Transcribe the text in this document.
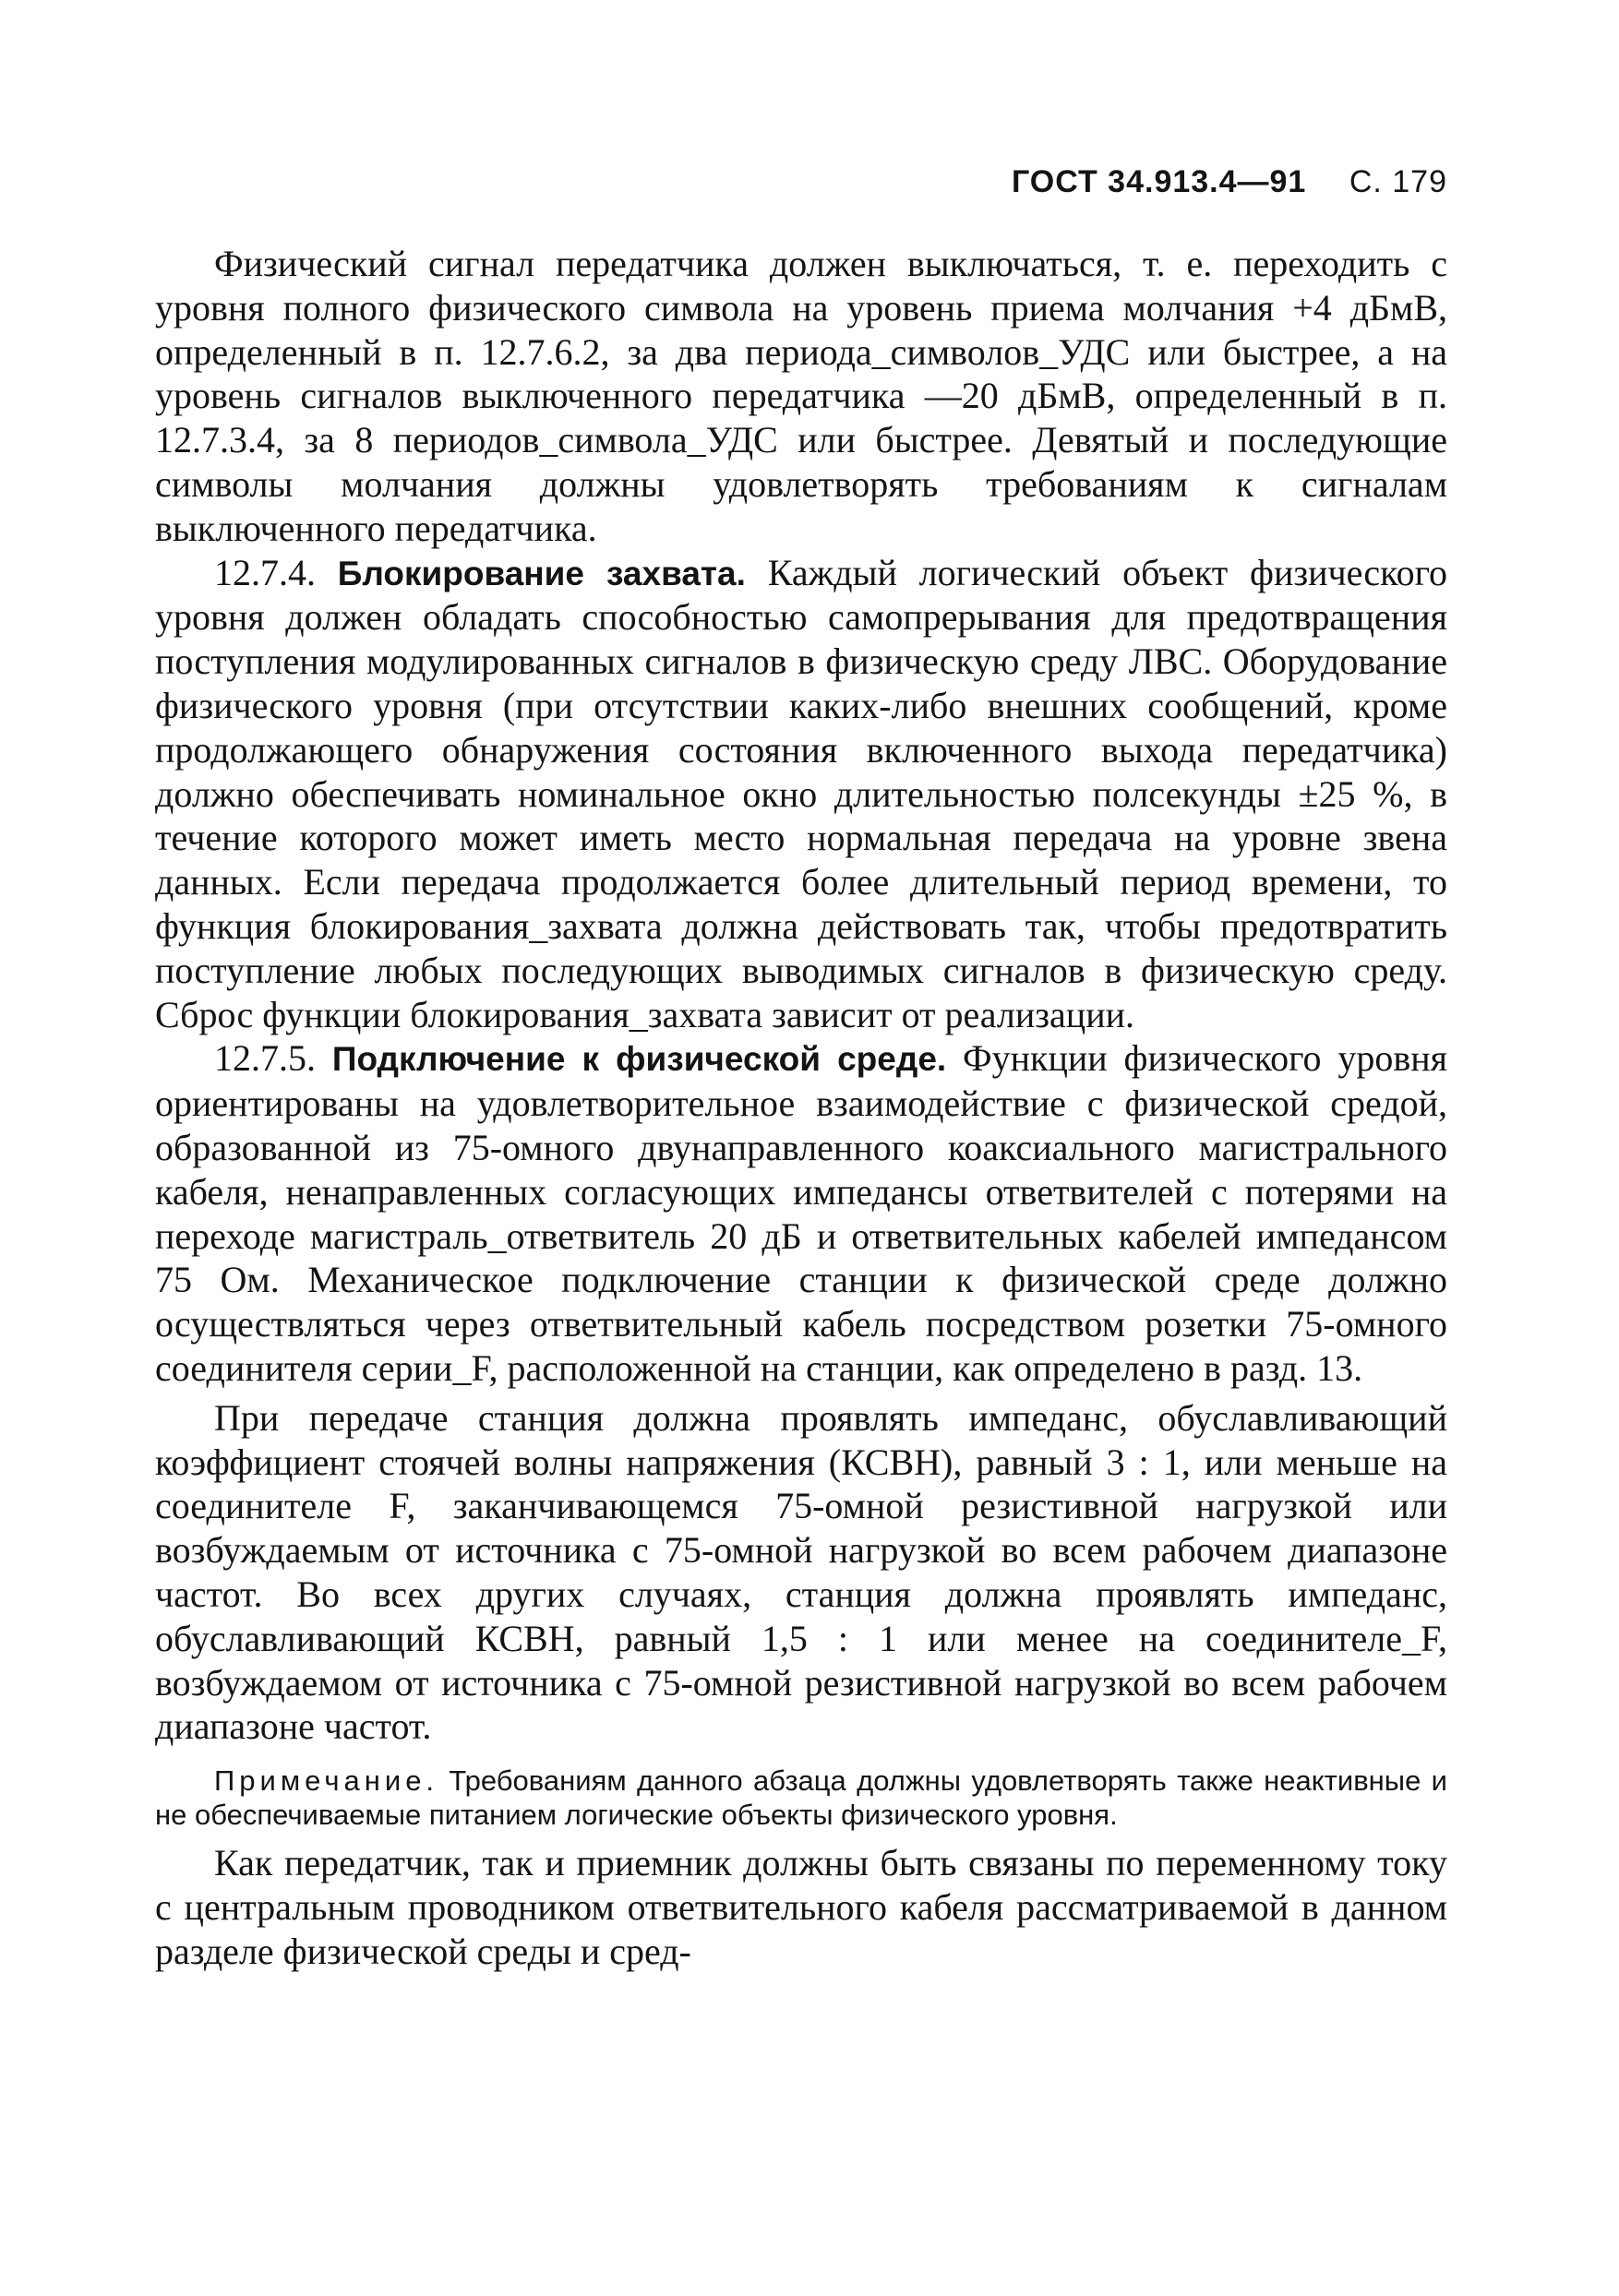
ГОСТ 34.913.4—91 С. 179

Физический сигнал передатчика должен выключаться, т. е. переходить с уровня полного физического символа на уровень приема молчания +4 дБмВ, определенный в п. 12.7.6.2, за два периода_символов_УДС или быстрее, а на уровень сигналов выключенного передатчика —20 дБмВ, определенный в п. 12.7.3.4, за 8 периодов_символа_УДС или быстрее. Девятый и последующие символы молчания должны удовлетворять требованиям к сигналам выключенного передатчика.

12.7.4. Блокирование захвата. Каждый логический объект физического уровня должен обладать способностью самопрерывания для предотвращения поступления модулированных сигналов в физическую среду ЛВС. Оборудование физического уровня (при отсутствии каких-либо внешних сообщений, кроме продолжающего обнаружения состояния включенного выхода передатчика) должно обеспечивать номинальное окно длительностью полсекунды ±25 %, в течение которого может иметь место нормальная передача на уровне звена данных. Если передача продолжается более длительный период времени, то функция блокирования_захвата должна действовать так, чтобы предотвратить поступление любых последующих выводимых сигналов в физическую среду. Сброс функции блокирования_захвата зависит от реализации.

12.7.5. Подключение к физической среде. Функции физического уровня ориентированы на удовлетворительное взаимодействие с физической средой, образованной из 75-омного двунаправленного коаксиального магистрального кабеля, ненаправленных согласующих импедансы ответвителей с потерями на переходе магистраль_ответвитель 20 дБ и ответвительных кабелей импедансом 75 Ом. Механическое подключение станции к физической среде должно осуществляться через ответвительный кабель посредством розетки 75-омного соединителя серии_F, расположенной на станции, как определено в разд. 13.

При передаче станция должна проявлять импеданс, обуславливающий коэффициент стоячей волны напряжения (КСВН), равный 3 : 1, или меньше на соединителе F, заканчивающемся 75-омной резистивной нагрузкой или возбуждаемым от источника с 75-омной нагрузкой во всем рабочем диапазоне частот. Во всех других случаях, станция должна проявлять импеданс, обуславливающий КСВН, равный 1,5 : 1 или менее на соединителе_F, возбуждаемом от источника с 75-омной резистивной нагрузкой во всем рабочем диапазоне частот.

Примечание. Требованиям данного абзаца должны удовлетворять также неактивные и не обеспечиваемые питанием логические объекты физического уровня.

Как передатчик, так и приемник должны быть связаны по переменному току с центральным проводником ответвительного кабеля рассматриваемой в данном разделе физической среды и сред-
